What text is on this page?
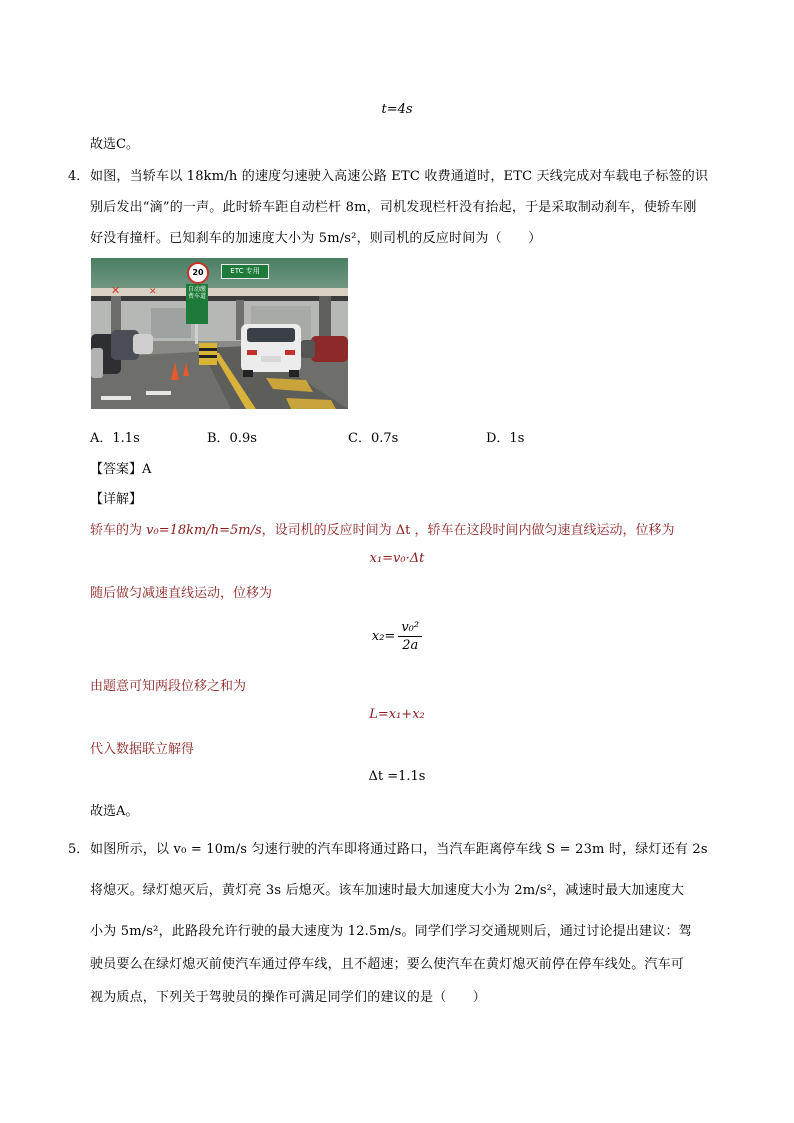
t=4s
故选C。
4． 如图，当轿车以 18km/h 的速度匀速驶入高速公路 ETC 收费通道时，ETC 天线完成对车载电子标签的识
别后发出“滴”的一声。此时轿车距自动栏杆 8m，司机发现栏杆没有抬起，于是采取制动刹车，使轿车刚
好没有撞杆。已知刹车的加速度大小为 5m/s²，则司机的反应时间为（　　）
✕	✕
20
自动缴费车道
ETC 专用
A．1.1s	B．0.9s	C．0.7s	D．1s
【答案】A
【详解】
轿车的为 v₀=18km/h=5m/s，设司机的反应时间为 Δt ，轿车在这段时间内做匀速直线运动，位移为
x₁=v₀·Δt
随后做匀减速直线运动，位移为
$x_2= \frac{\text{v₀²}}{2a}$
由题意可知两段位移之和为
L=x₁+x₂
代入数据联立解得
Δt =1.1s
故选A。
5． 如图所示，以 v₀ = 10m/s 匀速行驶的汽车即将通过路口，当汽车距离停车线 S = 23m 时，绿灯还有 2s
将熄灭。绿灯熄灭后，黄灯亮 3s 后熄灭。该车加速时最大加速度大小为 2m/s²，减速时最大加速度大
小为 5m/s²，此路段允许行驶的最大速度为 12.5m/s。同学们学习交通规则后，通过讨论提出建议：驾
驶员要么在绿灯熄灭前使汽车通过停车线，且不超速；要么使汽车在黄灯熄灭前停在停车线处。汽车可
视为质点，下列关于驾驶员的操作可满足同学们的建议的是（　　）
